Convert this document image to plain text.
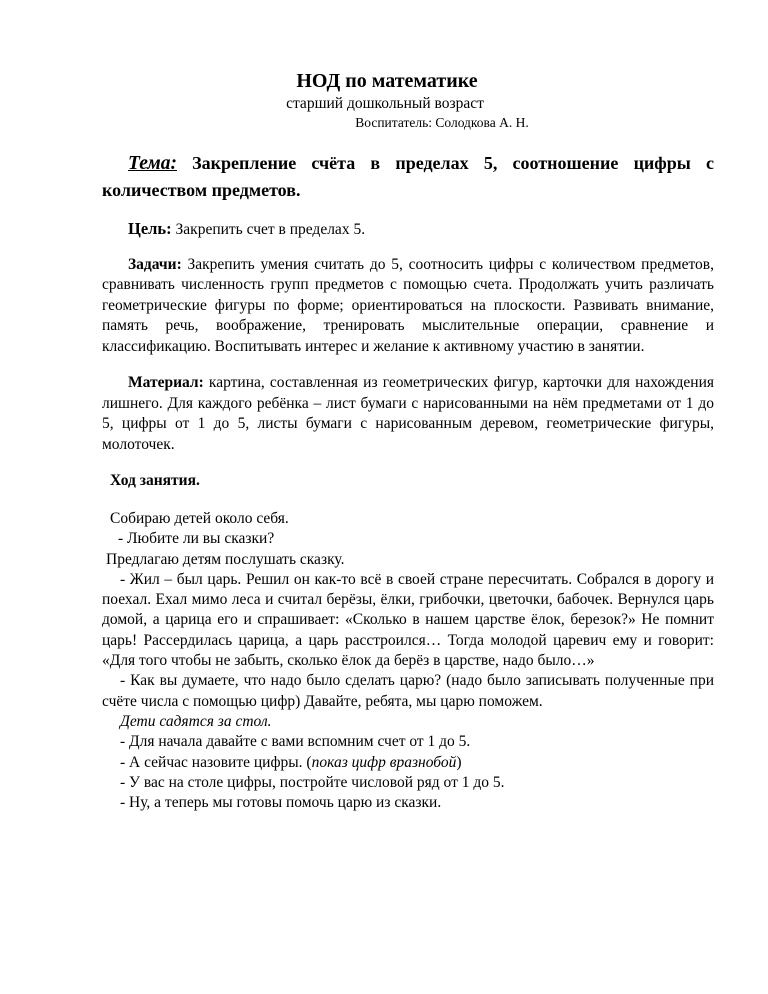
НОД по математике
старший дошкольный возраст
Воспитатель: Солодкова А. Н.
Тема: Закрепление счёта в пределах 5, соотношение цифры с количеством предметов.
Цель: Закрепить счет в пределах 5.
Задачи: Закрепить умения считать до 5, соотносить цифры с количеством предметов, сравнивать численность групп предметов с помощью счета. Продолжать учить различать геометрические фигуры по форме; ориентироваться на плоскости. Развивать внимание, память речь, воображение, тренировать мыслительные операции, сравнение и классификацию. Воспитывать интерес и желание к активному участию в занятии.
Материал: картина, составленная из геометрических фигур, карточки для нахождения лишнего. Для каждого ребёнка – лист бумаги с нарисованными на нём предметами от 1 до 5, цифры от 1 до 5, листы бумаги с нарисованным деревом, геометрические фигуры, молоточек.
Ход занятия.
Собираю детей около себя.
- Любите ли вы сказки?
Предлагаю детям послушать сказку.
- Жил – был царь. Решил он как-то всё в своей стране пересчитать. Собрался в дорогу и поехал. Ехал мимо леса и считал берёзы, ёлки, грибочки, цветочки, бабочек. Вернулся царь домой, а царица его и спрашивает: «Сколько в нашем царстве ёлок, березок?» Не помнит царь! Рассердилась царица, а царь расстроился… Тогда молодой царевич ему и говорит: «Для того чтобы не забыть, сколько ёлок да берёз в царстве, надо было…»
- Как вы думаете, что надо было сделать царю? (надо было записывать полученные при счёте числа с помощью цифр) Давайте, ребята, мы царю поможем.
Дети садятся за стол.
- Для начала давайте с вами вспомним счет от 1 до 5.
- А сейчас назовите цифры. (показ цифр вразнобой)
- У вас на столе цифры, постройте числовой ряд от 1 до 5.
- Ну, а теперь мы готовы помочь царю из сказки.
